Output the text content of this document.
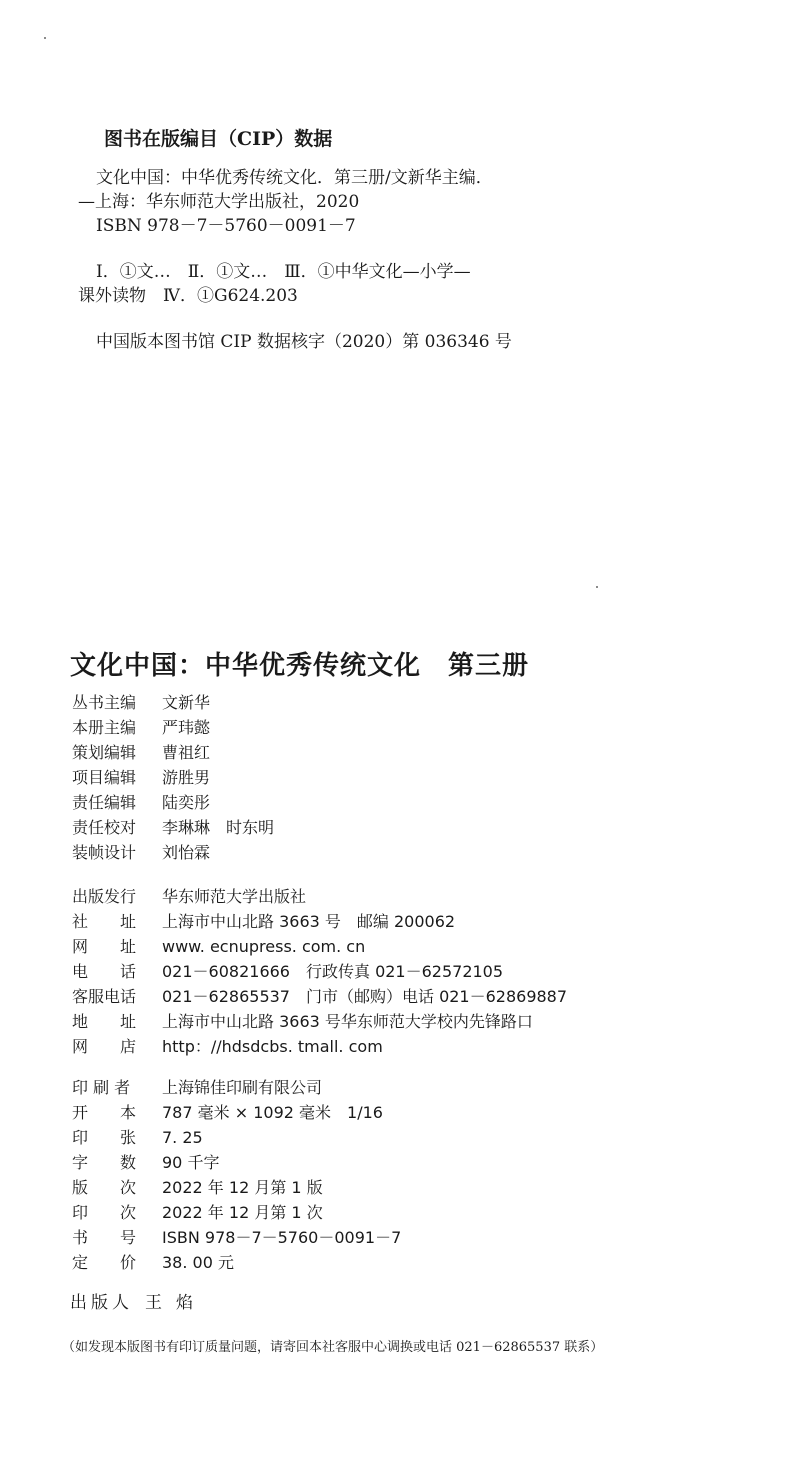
图书在版编目（CIP）数据
文化中国：中华优秀传统文化．第三册/文新华主编．
—上海：华东师范大学出版社，2020
ISBN 978－7－5760－0091－7
Ⅰ．①文…　Ⅱ．①文…　Ⅲ．①中华文化—小学—
课外读物　Ⅳ．①G624.203
中国版本图书馆 CIP 数据核字（2020）第 036346 号
文化中国：中华优秀传统文化　第三册
丛书主编	文新华
本册主编	严玮懿
策划编辑	曹祖红
项目编辑	游胜男
责任编辑	陆奕彤
责任校对	李琳琳　时东明
装帧设计	刘怡霖
出版发行	华东师范大学出版社
社　　址	上海市中山北路 3663 号　邮编 200062
网　　址	www. ecnupress. com. cn
电　　话	021－60821666　行政传真 021－62572105
客服电话	021－62865537　门市（邮购）电话 021－62869887
地　　址	上海市中山北路 3663 号华东师范大学校内先锋路口
网　　店	http：//hdsdcbs. tmall. com
印 刷 者	上海锦佳印刷有限公司
开　　本	787 毫米 × 1092 毫米　1/16
印　　张	7. 25
字　　数	90 千字
版　　次	2022 年 12 月第 1 版
印　　次	2022 年 12 月第 1 次
书　　号	ISBN 978－7－5760－0091－7
定　　价	38. 00 元
出版人 王焰
（如发现本版图书有印订质量问题，请寄回本社客服中心调换或电话 021－62865537 联系）
